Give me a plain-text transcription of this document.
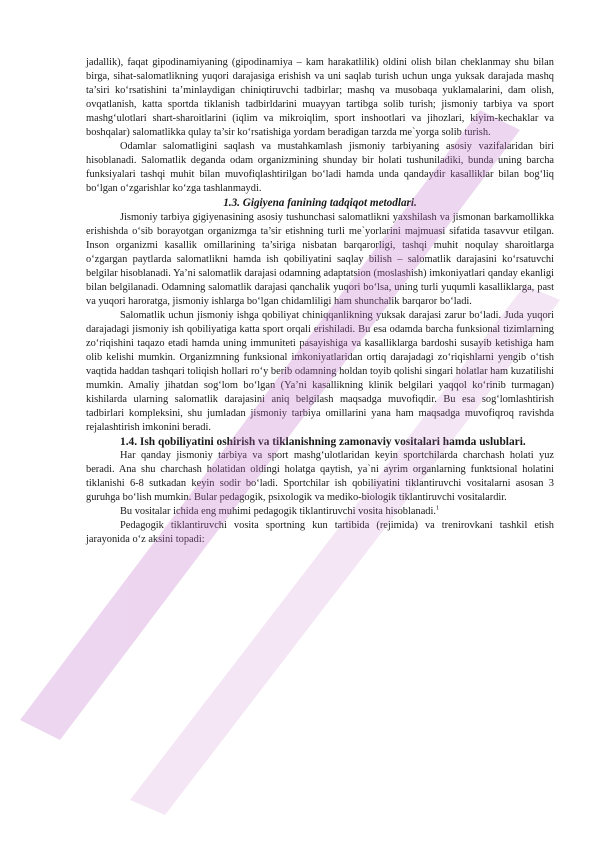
jadallik), faqat gipodinamiyaning (gipodinamiya – kam harakatlilik) oldini olish bilan cheklanmay shu bilan birga, sihat-salomatlikning yuqori darajasiga erishish va uni saqlab turish uchun unga yuksak darajada mashq ta’siri ko‘rsatishini ta’minlaydigan chiniqtiruvchi tadbirlar; mashq va musobaqa yuklamalarini, dam olish, ovqatlanish, katta sportda tiklanish tadbirldarini muayyan tartibga solib turish; jismoniy tarbiya va sport mashg‘ulotlari shart-sharoitlarini (iqlim va mikroiqlim, sport inshootlari va jihozlari, kiyim-kechaklar va boshqalar) salomatlikka qulay ta’sir ko‘rsatishiga yordam beradigan tarzda me`yorga solib turish.

Odamlar salomatligini saqlash va mustahkamlash jismoniy tarbiyaning asosiy vazifalaridan biri hisoblanadi. Salomatlik deganda odam organizmining shunday bir holati tushuniladiki, bunda uning barcha funksiyalari tashqi muhit bilan muvofiqlashtirilgan bo‘ladi hamda unda qandaydir kasalliklar bilan bog‘liq bo‘lgan o‘zgarishlar ko‘zga tashlanmaydi.

1.3. Gigiyena fanining tadqiqot metodlari.

Jismoniy tarbiya gigiyenasining asosiy tushunchasi salomatlikni yaxshilash va jismonan barkamollikka erishishda o‘sib borayotgan organizmga ta’sir etishning turli me`yorlarini majmuasi sifatida tasavvur etilgan. Inson organizmi kasallik omillarining ta’siriga nisbatan barqarorligi, tashqi muhit noqulay sharoitlarga o‘zgargan paytlarda salomatlikni hamda ish qobiliyatini saqlay bilish – salomatlik darajasini ko‘rsatuvchi belgilar hisoblanadi. Ya’ni salomatlik darajasi odamning adaptatsion (moslashish) imkoniyatlari qanday ekanligi bilan belgilanadi. Odamning salomatlik darajasi qanchalik yuqori bo‘lsa, uning turli yuqumli kasalliklarga, past va yuqori haroratga, jismoniy ishlarga bo‘lgan chidamliligi ham shunchalik barqaror bo‘ladi.

Salomatlik uchun jismoniy ishga qobiliyat chiniqqanlikning yuksak darajasi zarur bo‘ladi. Juda yuqori darajadagi jismoniy ish qobiliyatiga katta sport orqali erishiladi. Bu esa odamda barcha funksional tizimlarning zo‘riqishini taqazo etadi hamda uning immuniteti pasayishiga va kasalliklarga bardoshi susayib ketishiga ham olib kelishi mumkin. Organizmning funksional imkoniyatlaridan ortiq darajadagi zo‘riqishlarni yengib o‘tish vaqtida haddan tashqari toliqish hollari ro‘y berib odamning holdan toyib qolishi singari holatlar ham kuzatilishi mumkin. Amaliy jihatdan sog‘lom bo‘lgan (Ya’ni kasallikning klinik belgilari yaqqol ko‘rinib turmagan) kishilarda ularning salomatlik darajasini aniq belgilash maqsadga muvofiqdir. Bu esa sog‘lomlashtirish tadbirlari kompleksini, shu jumladan jismoniy tarbiya omillarini yana ham maqsadga muvofiqroq ravishda rejalashtirish imkonini beradi.

1.4. Ish qobiliyatini oshirish va tiklanishning zamonaviy vositalari hamda uslublari.

Har qanday jismoniy tarbiya va sport mashg‘ulotlaridan keyin sportchilarda charchash holati yuz beradi. Ana shu charchash holatidan oldingi holatga qaytish, ya`ni ayrim organlarning funktsional holatini tiklanishi 6-8 sutkadan keyin sodir bo‘ladi. Sportchilar ish qobiliyatini tiklantiruvchi vositalarni asosan 3 guruhga bo‘lish mumkin. Bular pedagogik, psixologik va mediko-biologik tiklantiruvchi vositalardir.

Bu vositalar ichida eng muhimi pedagogik tiklantiruvchi vosita hisoblanadi.$^1$

Pedagogik tiklantiruvchi vosita sportning kun tartibida (rejimida) va trenirovkani tashkil etish jarayonida o‘z aksini topadi:
